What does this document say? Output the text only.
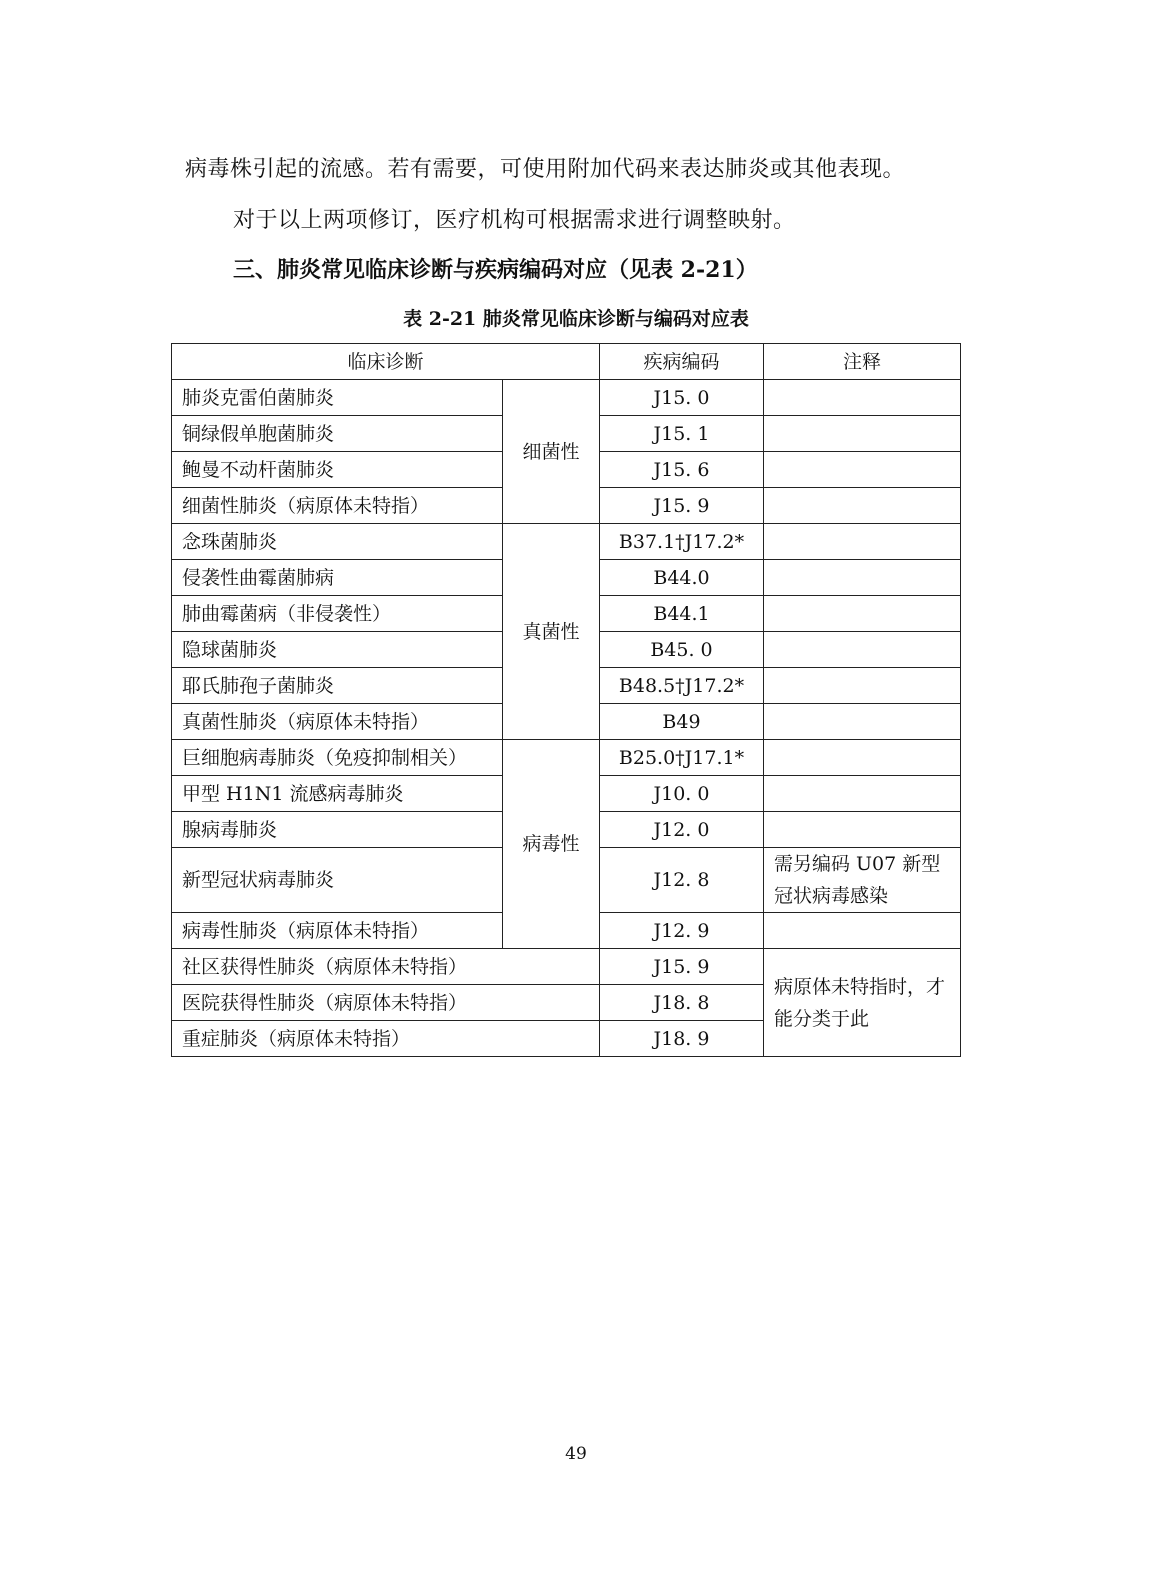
病毒株引起的流感。若有需要，可使用附加代码来表达肺炎或其他表现。
对于以上两项修订，医疗机构可根据需求进行调整映射。
三、肺炎常见临床诊断与疾病编码对应（见表 2-21）
表 2-21 肺炎常见临床诊断与编码对应表
临床诊断		疾病编码	注释
肺炎克雷伯菌肺炎	细菌性	J15. 0	
铜绿假单胞菌肺炎		J15. 1	
鲍曼不动杆菌肺炎		J15. 6	
细菌性肺炎（病原体未特指）		J15. 9	
念珠菌肺炎	真菌性	B37.1†J17.2*	
侵袭性曲霉菌肺病		B44.0	
肺曲霉菌病（非侵袭性）		B44.1	
隐球菌肺炎		B45. 0	
耶氏肺孢子菌肺炎		B48.5†J17.2*	
真菌性肺炎（病原体未特指）		B49	
巨细胞病毒肺炎（免疫抑制相关）	病毒性	B25.0†J17.1*	
甲型 H1N1 流感病毒肺炎		J10. 0	
腺病毒肺炎		J12. 0	
新型冠状病毒肺炎		J12. 8	需另编码 U07 新型冠状病毒感染
病毒性肺炎（病原体未特指）		J12. 9	
社区获得性肺炎（病原体未特指）		J15. 9	病原体未特指时，才能分类于此
医院获得性肺炎（病原体未特指）		J18. 8	
重症肺炎（病原体未特指）		J18. 9	
49
